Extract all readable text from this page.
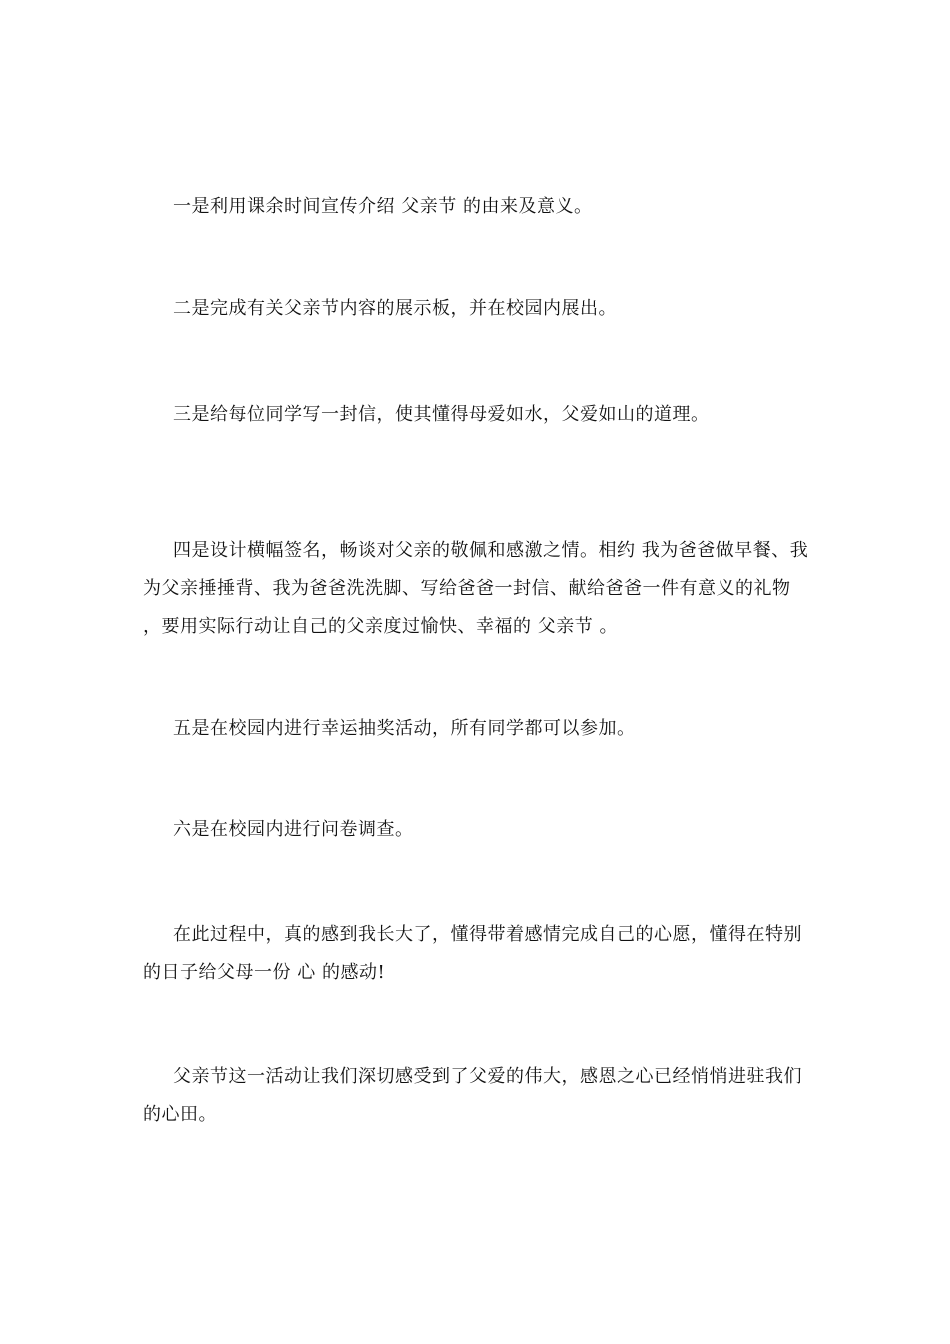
一是利用课余时间宣传介绍 父亲节 的由来及意义。

二是完成有关父亲节内容的展示板，并在校园内展出。

三是给每位同学写一封信，使其懂得母爱如水，父爱如山的道理。

四是设计横幅签名，畅谈对父亲的敬佩和感激之情。相约 我为爸爸做早餐、我为父亲捶捶背、我为爸爸洗洗脚、写给爸爸一封信、献给爸爸一件有意义的礼物 ，要用实际行动让自己的父亲度过愉快、幸福的 父亲节 。

五是在校园内进行幸运抽奖活动，所有同学都可以参加。

六是在校园内进行问卷调查。

在此过程中，真的感到我长大了，懂得带着感情完成自己的心愿，懂得在特别的日子给父母一份 心 的感动!

父亲节这一活动让我们深切感受到了父爱的伟大，感恩之心已经悄悄进驻我们的心田。
